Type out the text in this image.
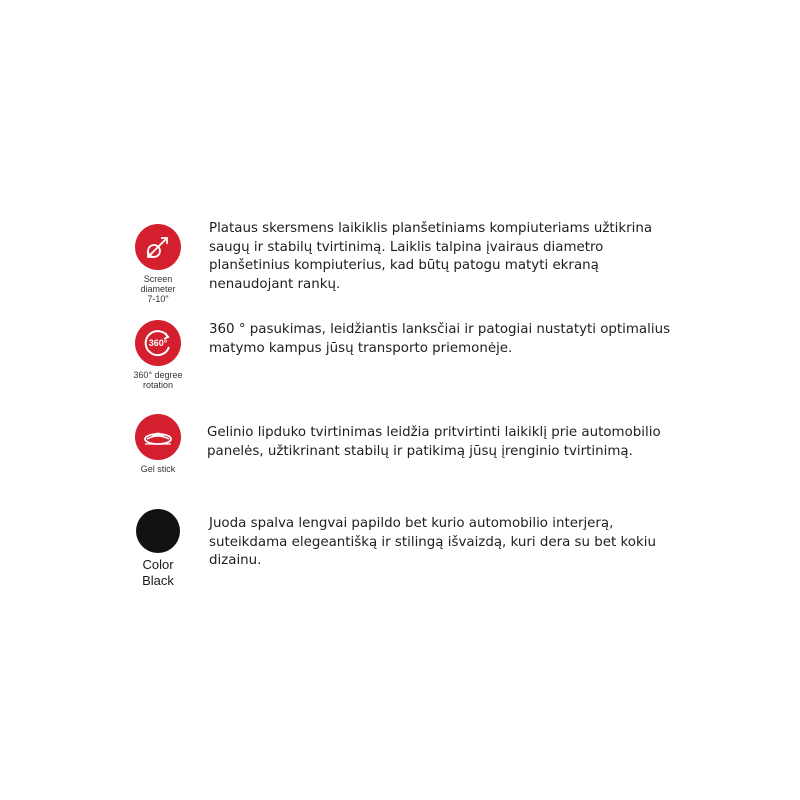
Screen
diameter
7-10"

Plataus skersmens laikiklis planšetiniams kompiuteriams užtikrina saugų ir stabilų tvirtinimą. Laiklis talpina įvairaus diametro planšetinius kompiuterius, kad būtų patogu matyti ekraną nenaudojant rankų.

360°
360° degree
rotation

360 ° pasukimas, leidžiantis lanksčiai ir patogiai nustatyti optimalius matymo kampus jūsų transporto priemonėje.

Gel stick

Gelinio lipduko tvirtinimas leidžia pritvirtinti laikiklį prie automobilio panelės, užtikrinant stabilų ir patikimą jūsų įrenginio tvirtinimą.

Color
Black

Juoda spalva lengvai papildo bet kurio automobilio interjerą, suteikdama elegeantišką ir stilingą išvaizdą, kuri dera su bet kokiu dizainu.
